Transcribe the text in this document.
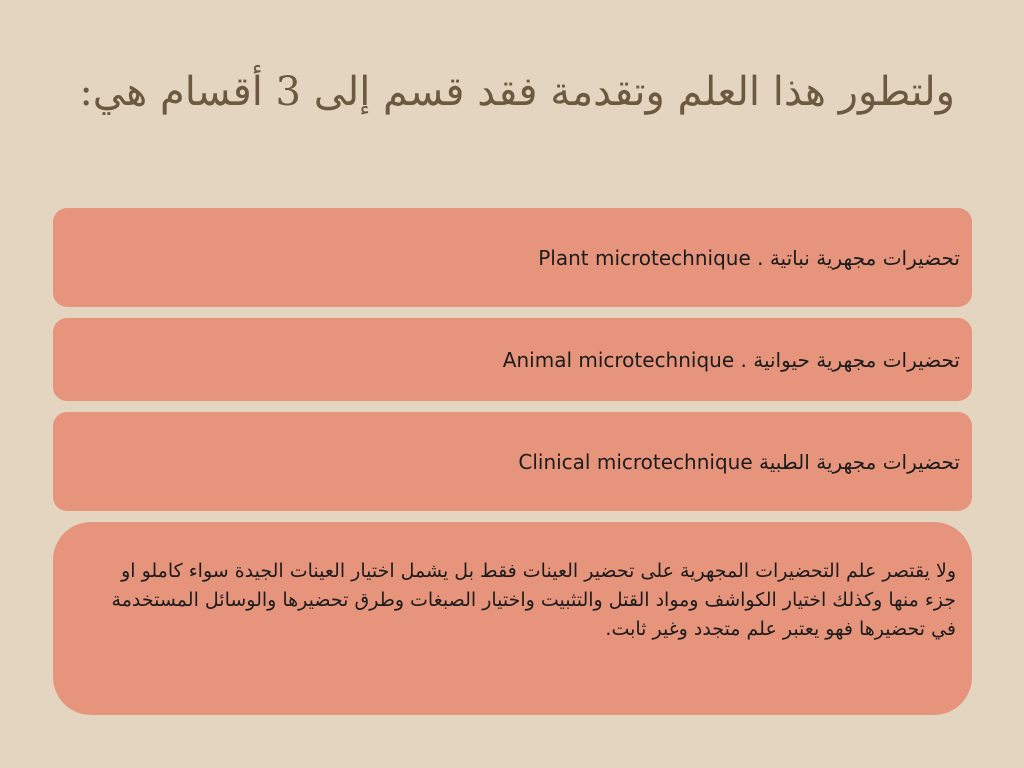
ولتطور هذا العلم وتقدمة فقد قسم إلى 3 أقسام هي:
تحضيرات مجهرية نباتية . Plant microtechnique
تحضيرات مجهرية حيوانية . Animal microtechnique
تحضيرات مجهرية الطبية Clinical microtechnique

ولا يقتصر علم التحضيرات المجهرية على تحضير العينات فقط بل يشمل اختيار العينات الجيدة سواء كاملو او جزء منها وكذلك اختيار الكواشف ومواد القتل والتثبيت واختيار الصبغات وطرق تحضيرها والوسائل المستخدمة في تحضيرها فهو يعتبر علم متجدد وغير ثابت.
